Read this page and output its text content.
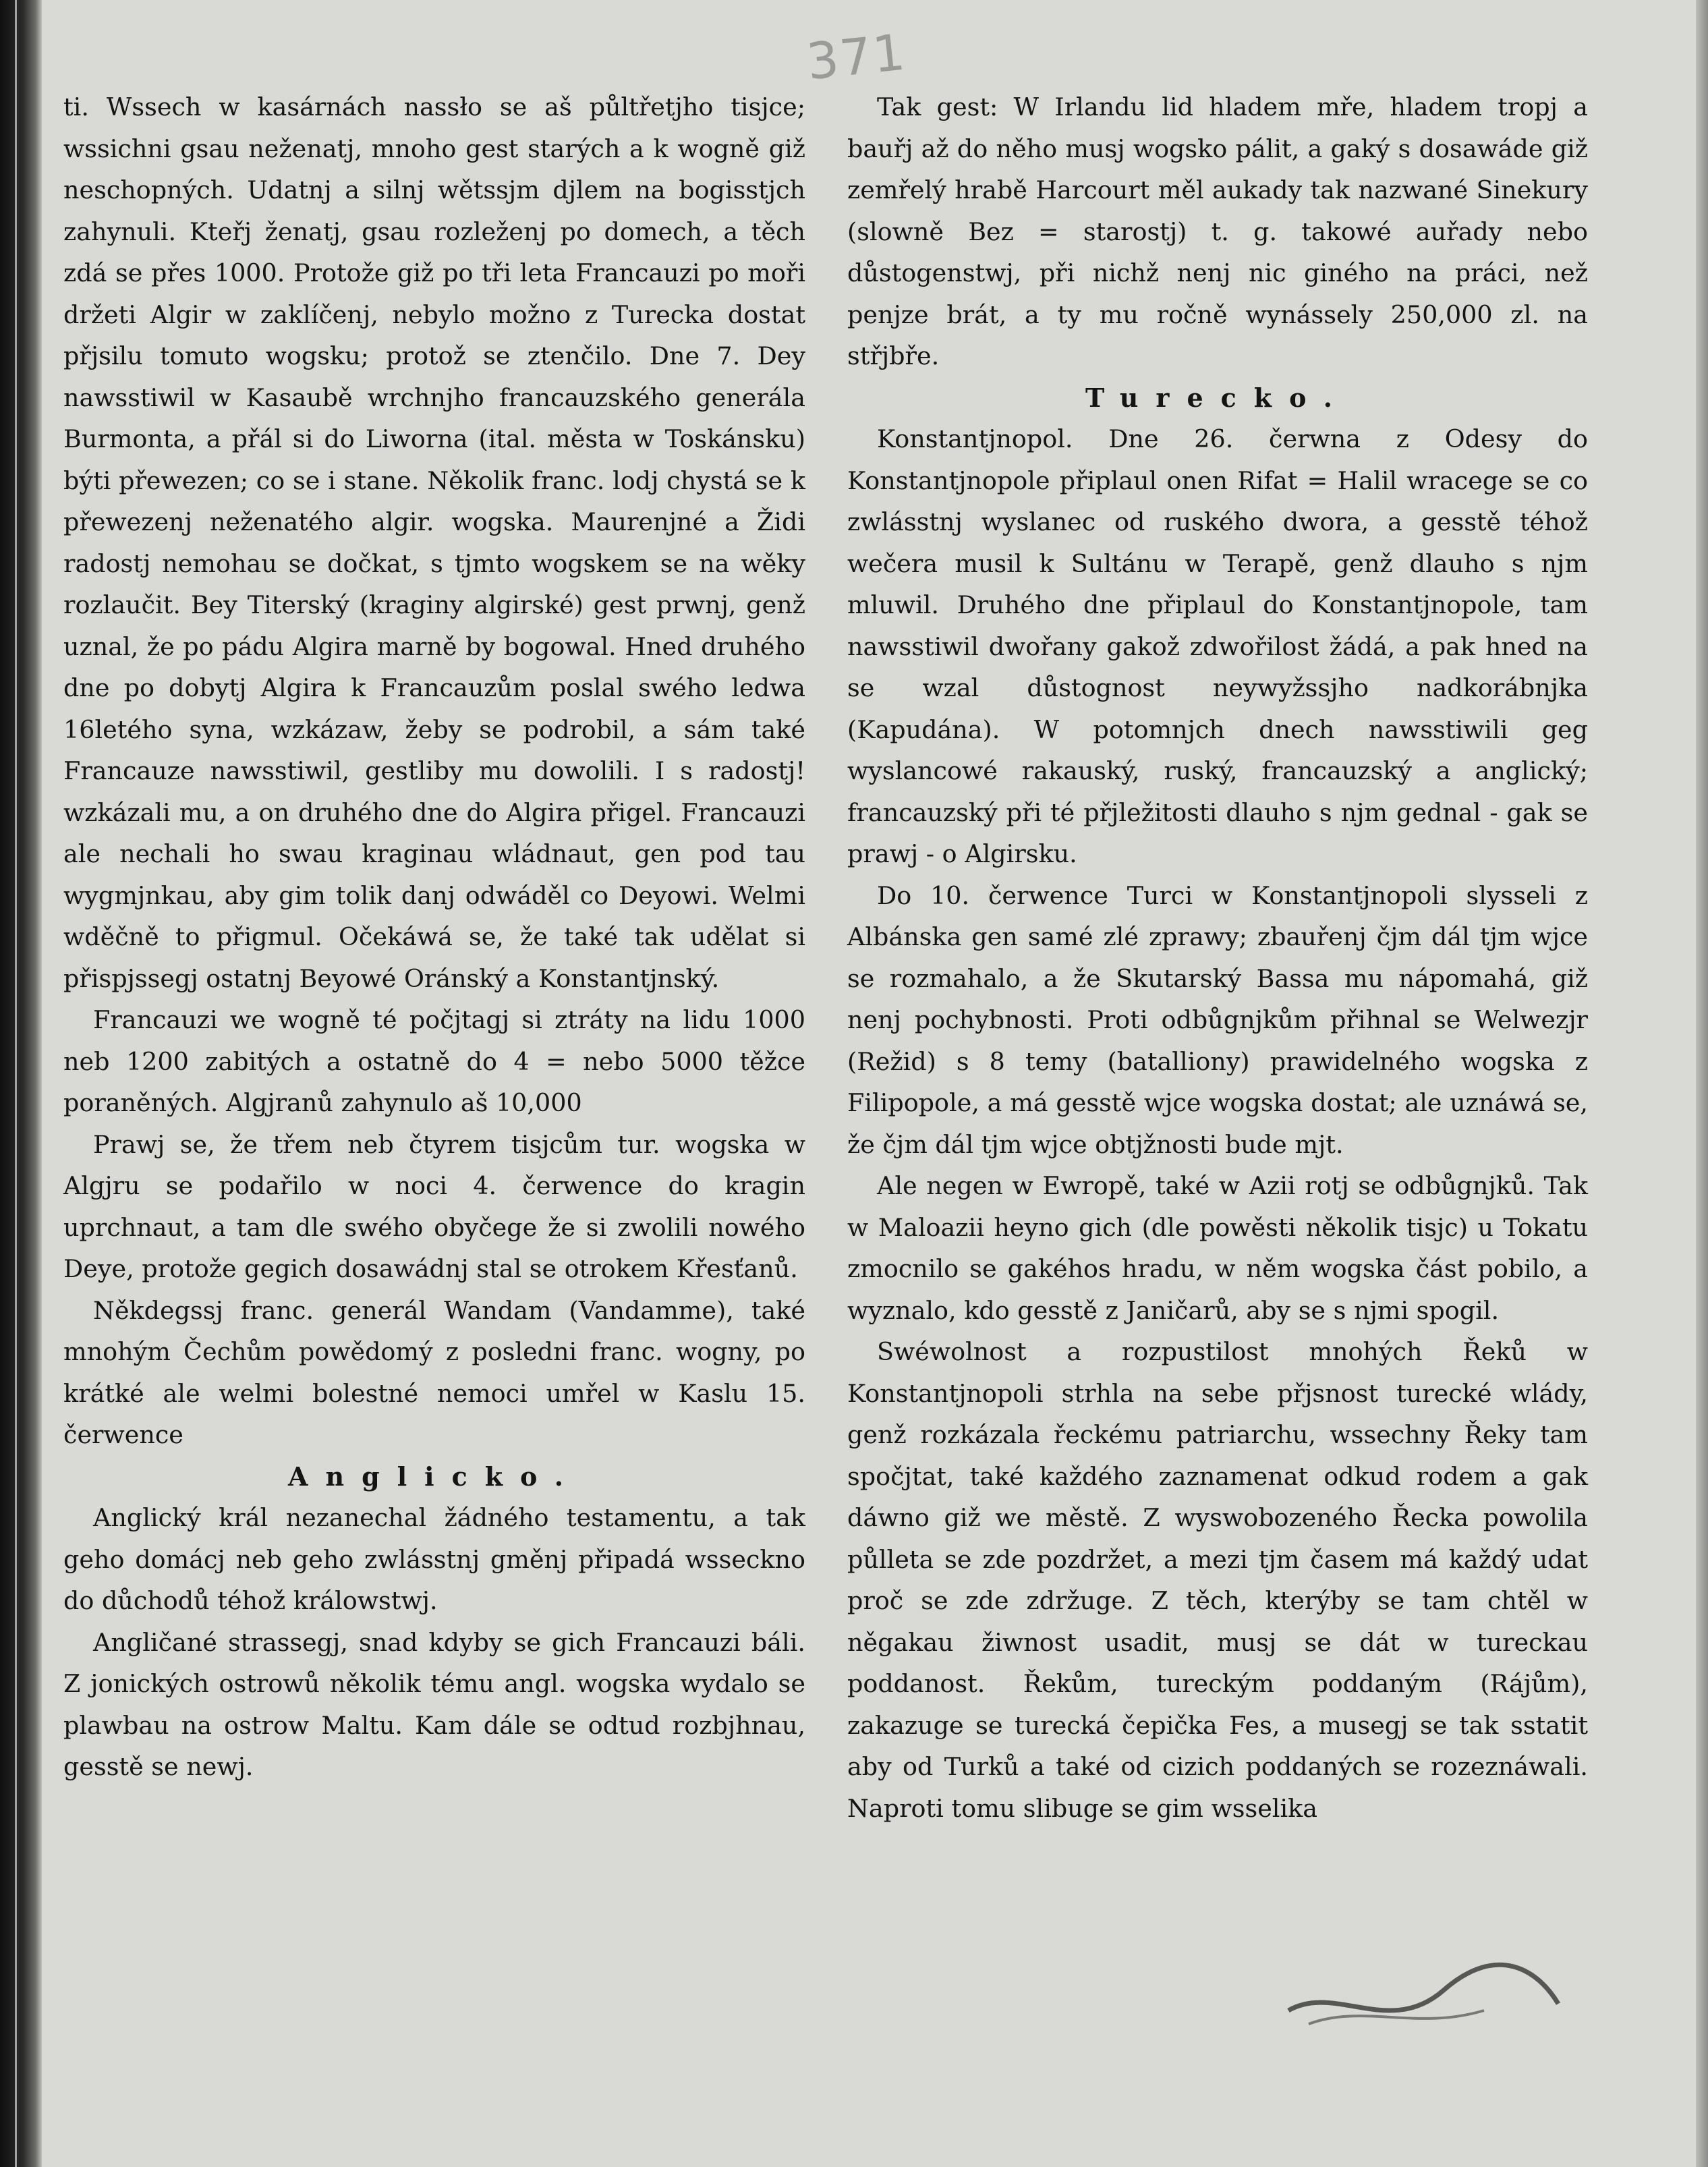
371

ti. Wssech w kasárnách nassło se aš půltřetjho tisjce; wssichni gsau neženatj, mnoho gest starých a k wogně giž neschopných. Udatnj a silnj wětssjm djlem na bogisstjch zahynuli. Kteřj ženatj, gsau rozleženj po domech, a těch zdá se přes 1000. Protože giž po tři leta Francauzi po moři držeti Algir w zaklíčenj, nebylo možno z Turecka dostat přjsilu tomuto wogsku; protož se ztenčilo. Dne 7. Dey nawsstiwil w Kasaubě wrchnjho francauzského generála Burmonta, a přál si do Liworna (ital. města w Toskánsku) býti přewezen; co se i stane. Několik franc. lodj chystá se k přewezenj neženatého algir. wogska. Maurenjné a Židi radostj nemohau se dočkat, s tjmto wogskem se na wěky rozlaučit. Bey Titerský (kraginy algirské) gest prwnj, genž uznal, že po pádu Algira marně by bogowal. Hned druhého dne po dobytj Algira k Francauzům poslal swého ledwa 16letého syna, wzkázaw, žeby se podrobil, a sám také Francauze nawsstiwil, gestliby mu dowolili. I s radostj! wzkázali mu, a on druhého dne do Algira přigel. Francauzi ale nechali ho swau kraginau wládnaut, gen pod tau wygmjnkau, aby gim tolik danj odwáděl co Deyowi. Welmi wděčně to přigmul. Očekáwá se, že také tak udělat si přispjssegj ostatnj Beyowé Oránský a Konstantjnský.

Francauzi we wogně té počjtagj si ztráty na lidu 1000 neb 1200 zabitých a ostatně do 4 = nebo 5000 těžce poraněných. Algjranů zahynulo aš 10,000

Prawj se, že třem neb čtyrem tisjcům tur. wogska w Algjru se podařilo w noci 4. čerwence do kragin uprchnaut, a tam dle swého obyčege že si zwolili nowého Deye, protože gegich dosawádnj stal se otrokem Křesťanů.

Někdegssj franc. generál Wandam (Vandamme), také mnohým Čechům powědomý z posledni franc. wogny, po krátké ale welmi bolestné nemoci umřel w Kaslu 15. čerwence

Anglicko.

Anglický král nezanechal žádného testamentu, a tak geho domácj neb geho zwlásstnj gměnj připadá wsseckno do důchodů téhož králowstwj.

Angličané strassegj, snad kdyby se gich Francauzi báli. Z jonických ostrowů několik tému angl. wogska wydalo se plawbau na ostrow Maltu. Kam dále se odtud rozbjhnau, gesstě se newj.

Tak gest: W Irlandu lid hladem mře, hladem tropj a bauřj až do něho musj wogsko pálit, a gaký s dosawáde giž zemřelý hrabě Harcourt měl aukady tak nazwané Sinekury (slowně Bez = starostj) t. g. takowé auřady nebo důstogenstwj, při nichž nenj nic giného na práci, než penjze brát, a ty mu ročně wynássely 250,000 zl. na střjbře.

Turecko.

Konstantjnopol. Dne 26. čerwna z Odesy do Konstantjnopole připlaul onen Rifat = Halil wracege se co zwlásstnj wyslanec od ruského dwora, a gesstě téhož wečera musil k Sultánu w Terapě, genž dlauho s njm mluwil. Druhého dne připlaul do Konstantjnopole, tam nawsstiwil dwořany gakož zdwořilost žádá, a pak hned na se wzal důstognost neywyžssjho nadkorábnjka (Kapudána). W potomnjch dnech nawsstiwili geg wyslancowé rakauský, ruský, francauzský a anglický; francauzský při té přjležitosti dlauho s njm gednal - gak se prawj - o Algirsku.

Do 10. čerwence Turci w Konstantjnopoli slysseli z Albánska gen samé zlé zprawy; zbauřenj čjm dál tjm wjce se rozmahalo, a že Skutarský Bassa mu nápomahá, giž nenj pochybnosti. Proti odbůgnjkům přihnal se Welwezjr (Režid) s 8 temy (batalliony) prawidelného wogska z Filipopole, a má gesstě wjce wogska dostat; ale uznáwá se, že čjm dál tjm wjce obtjžnosti bude mjt.

Ale negen w Ewropě, také w Azii rotj se odbůgnjků. Tak w Maloazii heyno gich (dle powěsti několik tisjc) u Tokatu zmocnilo se gakéhos hradu, w něm wogska část pobilo, a wyznalo, kdo gesstě z Janičarů, aby se s njmi spogil.

Swéwolnost a rozpustilost mnohých Řeků w Konstantjnopoli strhla na sebe přjsnost turecké wlády, genž rozkázala řeckému patriarchu, wssechny Řeky tam spočjtat, také každého zaznamenat odkud rodem a gak dáwno giž we městě. Z wyswobozeného Řecka powolila půlleta se zde pozdržet, a mezi tjm časem má každý udat proč se zde zdržuge. Z těch, kterýby se tam chtěl w něgakau žiwnost usadit, musj se dát w tureckau poddanost. Řekům, tureckým poddaným (Rájům), zakazuge se turecká čepička Fes, a musegj se tak sstatit aby od Turků a také od cizich poddaných se rozeznáwali. Naproti tomu slibuge se gim wsselika
